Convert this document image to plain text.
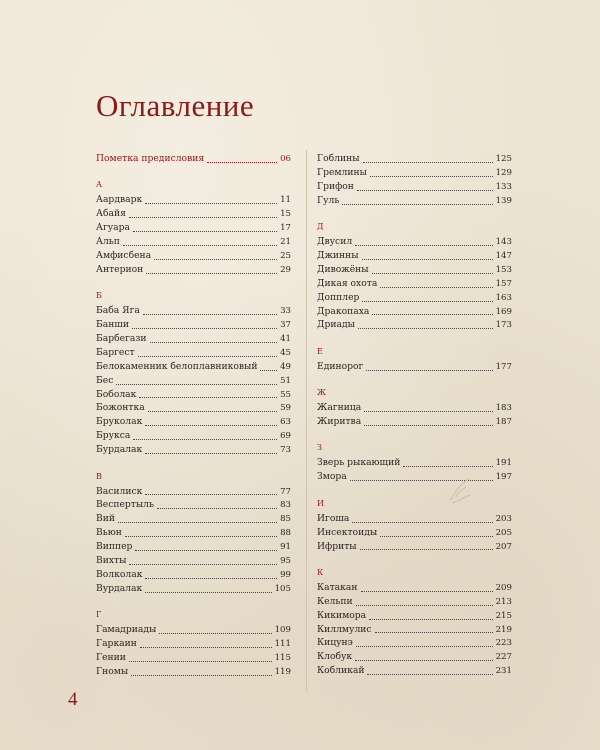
Оглавление
Пометка предисловия	06
А
Аардварк	11
Абайя	15
Агуара	17
Альп	21
Амфисбена	25
Антерион	29
Б
Баба Яга	33
Банши	37
Барбегази	41
Баргест	45
Белокаменник белоплавниковый	49
Бес	51
Боболак	55
Божонтка	59
Бруколак	63
Брукса	69
Бурдалак	73
В
Василиск	77
Веспертыль	83
Вий	85
Вьюн	88
Виппер	91
Вихты	95
Волколак	99
Вурдалак	105
Г
Гамадриады	109
Гаркаин	111
Гении	115
Гномы	119
Гоблины	125
Гремлины	129
Грифон	133
Гуль	139
Д
Двусил	143
Джинны	147
Дивожёны	153
Дикая охота	157
Допплер	163
Дракопаха	169
Дриады	173
Е
Единорог	177
Ж
Жагница	183
Жиритва	187
З
Зверь рыкающий	191
Змора	197
И
Игоша	203
Инсектоиды	205
Ифриты	207
К
Катакан	209
Кельпи	213
Кикимора	215
Киллмулис	219
Кицунэ	223
Клобук	227
Кобликай	231
4
